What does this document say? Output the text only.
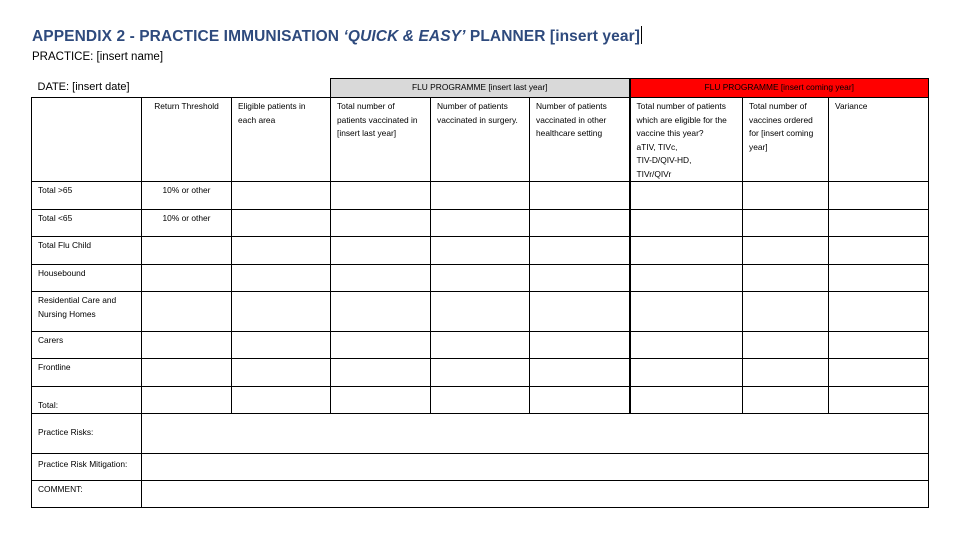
APPENDIX 2 - PRACTICE IMMUNISATION ‘QUICK & EASY’ PLANNER [insert year]
PRACTICE: [insert name]
DATE: [insert date]			FLU PROGRAMME [insert last year]			FLU PROGRAMME [insert coming year]		
	Return Threshold	Eligible patients in each area	Total number of patients vaccinated in [insert last year]	Number of patients vaccinated in surgery.	Number of patients vaccinated in other healthcare setting	Total number of patients which are eligible for the vaccine this year?
aTIV, TIVc,
TIV-D/QIV-HD,
TIVr/QIVr	Total number of vaccines ordered for [insert coming year]	Variance
Total >65	10% or other							
Total <65	10% or other							
Total Flu Child								
Housebound								
Residential Care and Nursing Homes								
Carers								
Frontline								
Total:								
Practice Risks:								
Practice Risk Mitigation:								
COMMENT:								
